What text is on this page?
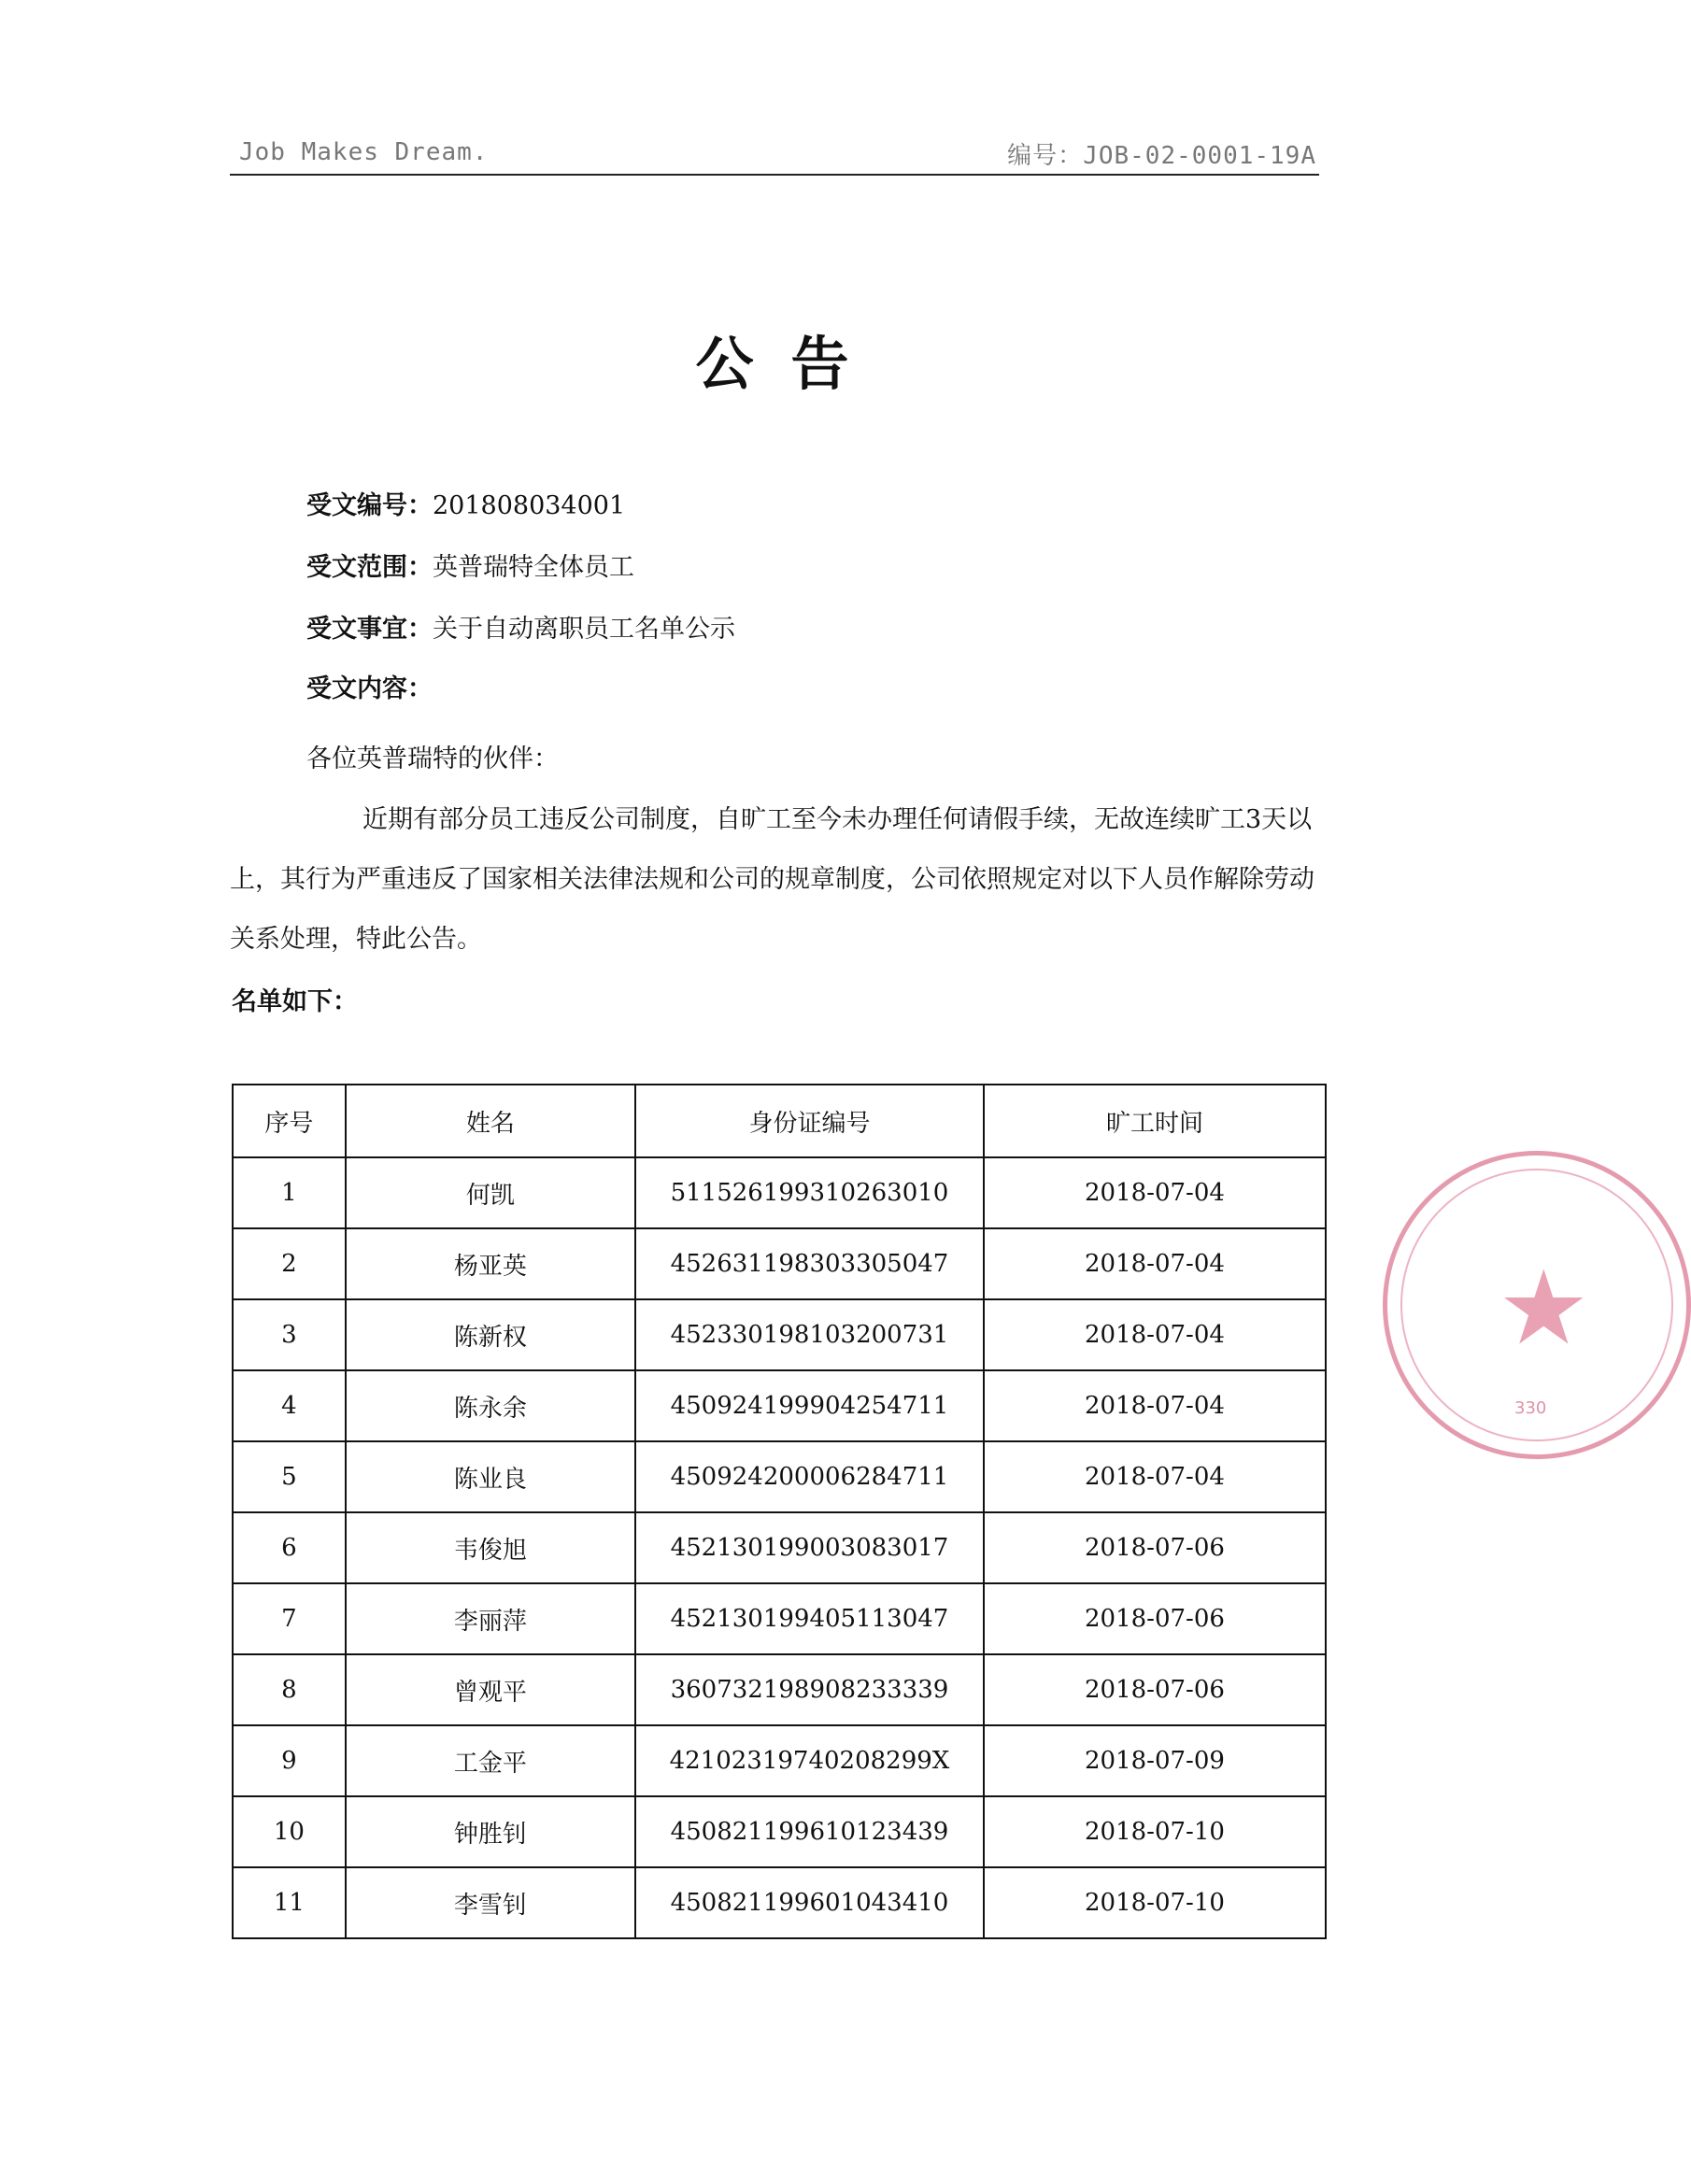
Job Makes Dream.	编号：JOB-02-0001-19A
公告
受文编号：201808034001
受文范围：英普瑞特全体员工
受文事宜：关于自动离职员工名单公示
受文内容：
各位英普瑞特的伙伴：
近期有部分员工违反公司制度，自旷工至今未办理任何请假手续，无故连续旷工3天以上，其行为严重违反了国家相关法律法规和公司的规章制度，公司依照规定对以下人员作解除劳动关系处理，特此公告。
名单如下：
序号	姓名	身份证编号	旷工时间
1	何凯	511526199310263010	2018-07-04
2	杨亚英	452631198303305047	2018-07-04
3	陈新权	452330198103200731	2018-07-04
4	陈永余	450924199904254711	2018-07-04
5	陈业良	450924200006284711	2018-07-04
6	韦俊旭	452130199003083017	2018-07-06
7	李丽萍	452130199405113047	2018-07-06
8	曾观平	360732198908233339	2018-07-06
9	工金平	42102319740208299X	2018-07-09
10	钟胜钊	450821199610123439	2018-07-10
11	李雪钊	450821199601043410	2018-07-10
★
330
